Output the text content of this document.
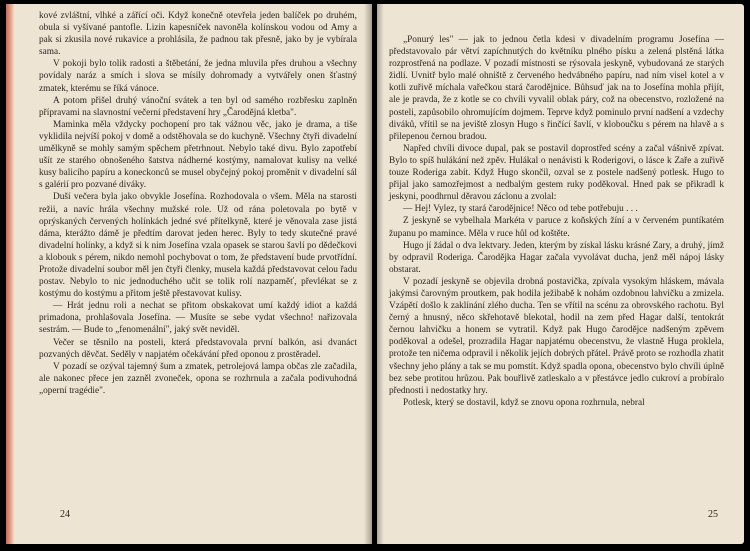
kové zvláštní, vlhké a zářící oči. Když konečně otevřela jeden balíček po druhém, obula si vyšívané pantofle. Lizin kapesníček navoněla kolínskou vodou od Amy a pak si zkusila nové rukavice a prohlásila, že padnou tak přesně, jako by je vybírala sama.

V pokoji bylo tolik radosti a štěbetání, že jedna mluvila přes druhou a všechny povídaly naráz a smích i slova se mísily dohromady a vytvářely onen šťastný zmatek, kterému se říká vánoce.

A potom přišel druhý vánoční svátek a ten byl od samého rozbřesku zaplněn přípravami na slavnostní večerní představení hry „Čarodějná kletba".

Maminka měla vždycky pochopení pro tak vážnou věc, jako je drama, a tiše vyklidila nejvíší pokoj v domě a odstěhovala se do kuchyně. Všechny čtyři divadelní umělkyně se mohly samým spěchem přetrhnout. Nebylo také divu. Bylo zapotřebí ušít ze starého obnošeného šatstva nádherné kostýmy, namalovat kulisy na velké kusy balicího papíru a koneckonců se musel obyčejný pokoj proměnit v divadelní sál s galérií pro pozvané diváky.

Duší večera byla jako obvykle Josefína. Rozhodovala o všem. Měla na starosti režii, a navíc hrála všechny mužské role. Už od rána poletovala po bytě v oprýskaných červených holínkách jedné své přítelkyně, které je věnovala zase jistá dáma, kterážto dámě je předtím darovat jeden herec. Byly to tedy skutečné pravé divadelní holínky, a když si k nim Josefína vzala opasek se starou šavlí po dědečkovi a klobouk s pérem, nikdo nemohl pochybovat o tom, že představení bude prvotřídní. Protože divadelní soubor měl jen čtyři členky, musela každá představovat celou řadu postav. Nebylo to nic jednoduchého učit se tolik rolí nazpaměť, převlékat se z kostýmu do kostýmu a přitom ještě přestavovat kulisy.

— Hrát jednu roli a nechat se přitom obskakovat umí každý idiot a každá primadona, prohlašovala Josefína. — Musíte se sebe vydat všechno! nařizovala sestrám. — Bude to „fenomenální", jaký svět neviděl.

Večer se těsnilo na posteli, která představovala první balkón, asi dvanáct pozvaných děvčat. Seděly v napjatém očekávání před oponou z prostěradel.

V pozadí se ozýval tajemný šum a zmatek, petrolejová lampa občas zle začadila, ale nakonec přece jen zazněl zvoneček, opona se rozhrnula a začala podivuhodná „operní tragédie".

24

„Ponurý les" — jak to jednou četla kdesi v divadelním programu Josefína — představovalo pár větví zapíchnutých do květníku plného písku a zelená plstěná látka rozprostřená na podlaze. V pozadí místnosti se rýsovala jeskyně, vybudovaná ze starých židlí. Uvnitř bylo malé ohniště z červeného hedvábného papíru, nad ním visel kotel a v kotli zuřivě míchala vařečkou stará čarodějnice. Bůhsuď jak na to Josefína mohla přijít, ale je pravda, že z kotle se co chvíli vyvalil oblak páry, což na obecenstvo, rozložené na posteli, zapůsobilo ohromujícím dojmem. Teprve když pominulo první nadšení a vzdechy diváků, vřítil se na jeviště zlosyn Hugo s řinčící šavlí, v kloboučku s pérem na hlavě a s přilepenou černou bradou.

Napřed chvíli divoce dupal, pak se postavil doprostřed scény a začal vášnivě zpívat. Bylo to spíš hulákání než zpěv. Hulákal o nenávisti k Roderigovi, o lásce k Zaře a zuřivě touze Roderiga zabít. Když Hugo skončil, ozval se z postele nadšený potlesk. Hugo to přijal jako samozřejmost a nedbalým gestem ruky poděkoval. Hned pak se přikradl k jeskyni, poodhrnul děravou záclonu a zvolal:

— Hej! Vylez, ty stará čarodějnice! Něco od tebe potřebuju . . .

Z jeskyně se vybelhala Markéta v paruce z koňských žíní a v červeném puntíkatém županu po mamince. Měla v ruce hůl od koštěte.

Hugo jí žádal o dva lektvary. Jeden, kterým by získal lásku krásné Zary, a druhý, jímž by odpravil Roderiga. Čarodějka Hagar začala vyvolávat ducha, jenž měl nápoj lásky obstarat.

V pozadí jeskyně se objevila drobná postavička, zpívala vysokým hláskem, mávala jakýmsi čarovným proutkem, pak hodila ježibabě k nohám ozdobnou lahvičku a zmizela. Vzápětí došlo k zaklínání zlého ducha. Ten se vřítil na scénu za obrovského rachotu. Byl černý a hnusný, něco skřehotavě blekotal, hodil na zem před Hagar další, tentokrát černou lahvičku a honem se vytratil. Když pak Hugo čarodějce nadšeným zpěvem poděkoval a odešel, prozradila Hagar napjatému obecenstvu, že vlastně Huga proklela, protože ten ničema odpravil i několik jejích dobrých přátel. Právě proto se rozhodla zhatit všechny jeho plány a tak se mu pomstít. Když spadla opona, obecenstvo bylo chvíli úplně bez sebe protitou hrůzou. Pak bouřlivě zatleskalo a v přestávce jedlo cukroví a probíralo přednosti i nedostatky hry.

Potlesk, který se dostavil, když se znovu opona rozhrnula, nebral

25
